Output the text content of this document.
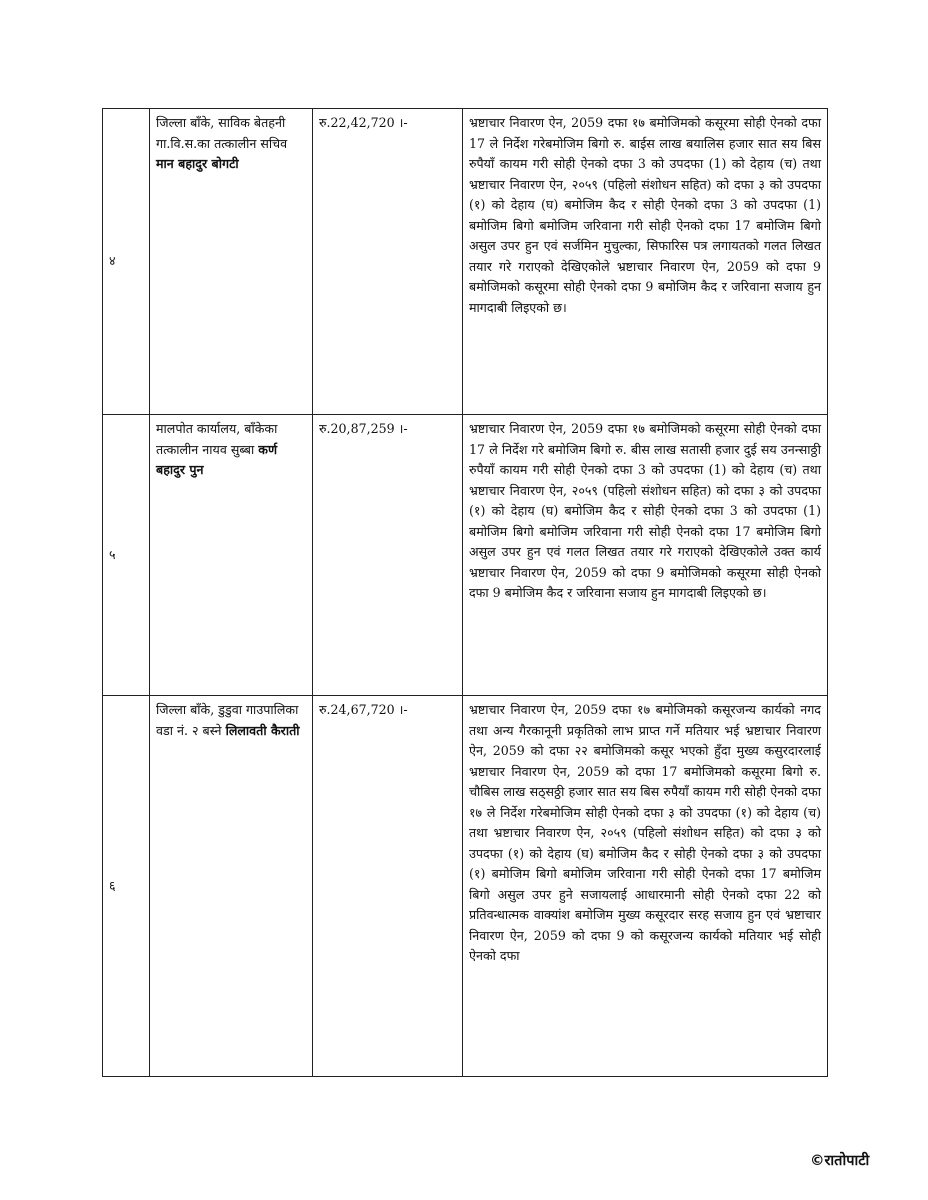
४	जिल्ला बाँके, साविक बेतहनी गा.वि.स.का तत्कालीन सचिव मान बहादुर बोगटी	रु.22,42,720 ।-	भ्रष्टाचार निवारण ऐन, 2059 दफा १७ बमोजिमको कसूरमा सोही ऐनको दफा 17 ले निर्देश गरेबमोजिम बिगो रु. बाईस लाख बयालिस हजार सात सय बिस रुपैयाँ कायम गरी सोही ऐनको दफा 3 को उपदफा (1) को देहाय (च) तथा भ्रष्टाचार निवारण ऐन, २०५९ (पहिलो संशोधन सहित) को दफा ३ को उपदफा (१) को देहाय (घ) बमोजिम कैद र सोही ऐनको दफा 3 को उपदफा (1) बमोजिम बिगो बमोजिम जरिवाना गरी सोही ऐनको दफा 17 बमोजिम बिगो असुल उपर हुन एवं सर्जमिन मुचुल्का, सिफारिस पत्र लगायतको गलत लिखत तयार गरे गराएको देखिएकोले भ्रष्टाचार निवारण ऐन, 2059 को दफा 9 बमोजिमको कसूरमा सोही ऐनको दफा 9 बमोजिम कैद र जरिवाना सजाय हुन मागदाबी लिइएको छ।
५	मालपोत कार्यालय, बाँकेका तत्कालीन नायव सुब्बा कर्ण बहादुर पुन	रु.20,87,259 ।-	भ्रष्टाचार निवारण ऐन, 2059 दफा १७ बमोजिमको कसूरमा सोही ऐनको दफा 17 ले निर्देश गरे बमोजिम बिगो रु. बीस लाख सतासी हजार दुई सय उनन्साठ्ठी रुपैयाँ कायम गरी सोही ऐनको दफा 3 को उपदफा (1) को देहाय (च) तथा भ्रष्टाचार निवारण ऐन, २०५९ (पहिलो संशोधन सहित) को दफा ३ को उपदफा (१) को देहाय (घ) बमोजिम कैद र सोही ऐनको दफा 3 को उपदफा (1) बमोजिम बिगो बमोजिम जरिवाना गरी सोही ऐनको दफा 17 बमोजिम बिगो असुल उपर हुन एवं गलत लिखत तयार गरे गराएको देखिएकोले उक्त कार्य भ्रष्टाचार निवारण ऐन, 2059 को दफा 9 बमोजिमको कसूरमा सोही ऐनको दफा 9 बमोजिम कैद र जरिवाना सजाय हुन मागदाबी लिइएको छ।
६	जिल्ला बाँके, डुडुवा गाउपालिका वडा नं. २ बस्ने लिलावती कैराती	रु.24,67,720 ।-	भ्रष्टाचार निवारण ऐन, 2059 दफा १७ बमोजिमको कसूरजन्य कार्यको नगद तथा अन्य गैरकानूनी प्रकृतिको लाभ प्राप्त गर्ने मतियार भई भ्रष्टाचार निवारण ऐन, 2059 को दफा २२ बमोजिमको कसूर भएको हुँदा मुख्य कसुरदारलाई भ्रष्टाचार निवारण ऐन, 2059 को दफा 17 बमोजिमको कसूरमा बिगो रु. चौबिस लाख सठ्सठ्ठी हजार सात सय बिस रुपैयाँ कायम गरी सोही ऐनको दफा १७ ले निर्देश गरेबमोजिम सोही ऐनको दफा ३ को उपदफा (१) को देहाय (च) तथा भ्रष्टाचार निवारण ऐन, २०५९ (पहिलो संशोधन सहित) को दफा ३ को उपदफा (१) को देहाय (घ) बमोजिम कैद र सोही ऐनको दफा ३ को उपदफा (१) बमोजिम बिगो बमोजिम जरिवाना गरी सोही ऐनको दफा 17 बमोजिम बिगो असुल उपर हुने सजायलाई आधारमानी सोही ऐनको दफा 22 को प्रतिवन्धात्मक वाक्यांश बमोजिम मुख्य कसूरदार सरह सजाय हुन एवं भ्रष्टाचार निवारण ऐन, 2059 को दफा 9 को कसूरजन्य कार्यको मतियार भई सोही ऐनको दफा
©रातोपाटी
